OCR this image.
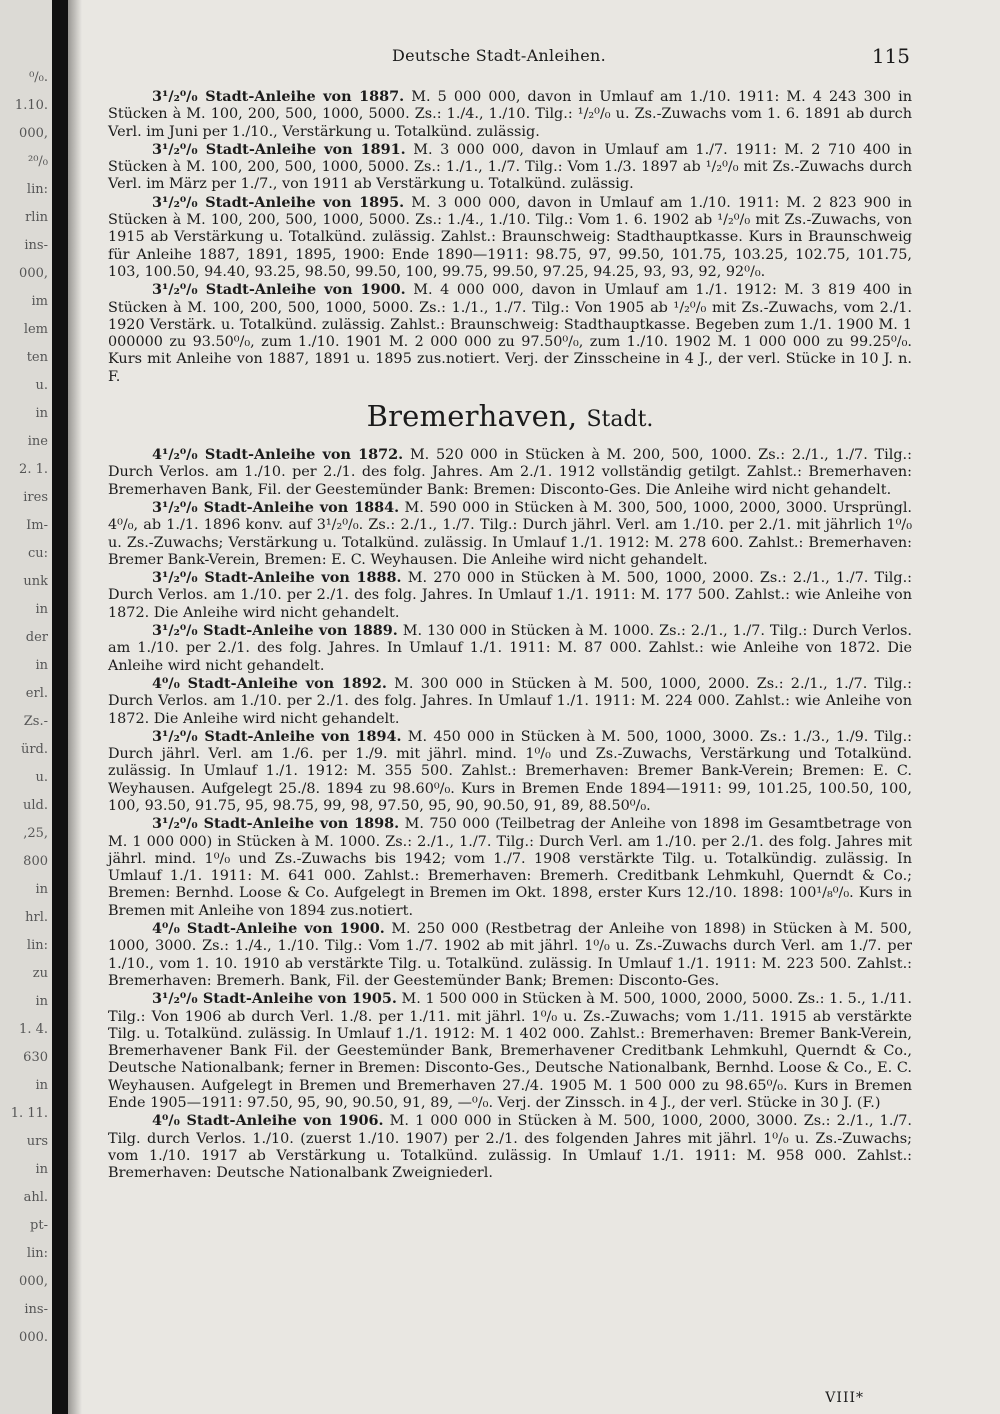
⁰/₀.
1.10.
000,
²⁰/₀
lin:
rlin
ins-
000,
im
lem
ten
u.
in
ine
2. 1.
ires
Im-
cu:
unk
in
der
in
erl.
Zs.-
ürd.
u.
uld.
,25,
800
in
hrl.
lin:
zu
in
1. 4.
630
in
1. 11.
urs
in
ahl.
pt-
lin:
000,
ins-
000.
Deutsche Stadt-Anleihen.	115

3¹/₂⁰/₀ Stadt-Anleihe von 1887. M. 5 000 000, davon in Umlauf am 1./10. 1911: M. 4 243 300 in Stücken à M. 100, 200, 500, 1000, 5000. Zs.: 1./4., 1./10. Tilg.: ¹/₂⁰/₀ u. Zs.-Zuwachs vom 1. 6. 1891 ab durch Verl. im Juni per 1./10., Verstärkung u. Totalkünd. zulässig.

3¹/₂⁰/₀ Stadt-Anleihe von 1891. M. 3 000 000, davon in Umlauf am 1./7. 1911: M. 2 710 400 in Stücken à M. 100, 200, 500, 1000, 5000. Zs.: 1./1., 1./7. Tilg.: Vom 1./3. 1897 ab ¹/₂⁰/₀ mit Zs.-Zuwachs durch Verl. im März per 1./7., von 1911 ab Verstärkung u. Totalkünd. zulässig.

3¹/₂⁰/₀ Stadt-Anleihe von 1895. M. 3 000 000, davon in Umlauf am 1./10. 1911: M. 2 823 900 in Stücken à M. 100, 200, 500, 1000, 5000. Zs.: 1./4., 1./10. Tilg.: Vom 1. 6. 1902 ab ¹/₂⁰/₀ mit Zs.-Zuwachs, von 1915 ab Verstärkung u. Totalkünd. zulässig. Zahlst.: Braunschweig: Stadthauptkasse. Kurs in Braunschweig für Anleihe 1887, 1891, 1895, 1900: Ende 1890—1911: 98.75, 97, 99.50, 101.75, 103.25, 102.75, 101.75, 103, 100.50, 94.40, 93.25, 98.50, 99.50, 100, 99.75, 99.50, 97.25, 94.25, 93, 93, 92, 92⁰/₀.

3¹/₂⁰/₀ Stadt-Anleihe von 1900. M. 4 000 000, davon in Umlauf am 1./1. 1912: M. 3 819 400 in Stücken à M. 100, 200, 500, 1000, 5000. Zs.: 1./1., 1./7. Tilg.: Von 1905 ab ¹/₂⁰/₀ mit Zs.-Zuwachs, vom 2./1. 1920 Verstärk. u. Totalkünd. zulässig. Zahlst.: Braunschweig: Stadthauptkasse. Begeben zum 1./1. 1900 M. 1 000000 zu 93.50⁰/₀, zum 1./10. 1901 M. 2 000 000 zu 97.50⁰/₀, zum 1./10. 1902 M. 1 000 000 zu 99.25⁰/₀. Kurs mit Anleihe von 1887, 1891 u. 1895 zus.notiert. Verj. der Zinsscheine in 4 J., der verl. Stücke in 10 J. n. F.

Bremerhaven, Stadt.

4¹/₂⁰/₀ Stadt-Anleihe von 1872. M. 520 000 in Stücken à M. 200, 500, 1000. Zs.: 2./1., 1./7. Tilg.: Durch Verlos. am 1./10. per 2./1. des folg. Jahres. Am 2./1. 1912 vollständig getilgt. Zahlst.: Bremerhaven: Bremerhaven Bank, Fil. der Geestemünder Bank: Bremen: Disconto-Ges. Die Anleihe wird nicht gehandelt.

3¹/₂⁰/₀ Stadt-Anleihe von 1884. M. 590 000 in Stücken à M. 300, 500, 1000, 2000, 3000. Ursprüngl. 4⁰/₀, ab 1./1. 1896 konv. auf 3¹/₂⁰/₀. Zs.: 2./1., 1./7. Tilg.: Durch jährl. Verl. am 1./10. per 2./1. mit jährlich 1⁰/₀ u. Zs.-Zuwachs; Verstärkung u. Totalkünd. zulässig. In Umlauf 1./1. 1912: M. 278 600. Zahlst.: Bremerhaven: Bremer Bank-Verein, Bremen: E. C. Weyhausen. Die Anleihe wird nicht gehandelt.

3¹/₂⁰/₀ Stadt-Anleihe von 1888. M. 270 000 in Stücken à M. 500, 1000, 2000. Zs.: 2./1., 1./7. Tilg.: Durch Verlos. am 1./10. per 2./1. des folg. Jahres. In Umlauf 1./1. 1911: M. 177 500. Zahlst.: wie Anleihe von 1872. Die Anleihe wird nicht gehandelt.

3¹/₂⁰/₀ Stadt-Anleihe von 1889. M. 130 000 in Stücken à M. 1000. Zs.: 2./1., 1./7. Tilg.: Durch Verlos. am 1./10. per 2./1. des folg. Jahres. In Umlauf 1./1. 1911: M. 87 000. Zahlst.: wie Anleihe von 1872. Die Anleihe wird nicht gehandelt.

4⁰/₀ Stadt-Anleihe von 1892. M. 300 000 in Stücken à M. 500, 1000, 2000. Zs.: 2./1., 1./7. Tilg.: Durch Verlos. am 1./10. per 2./1. des folg. Jahres. In Umlauf 1./1. 1911: M. 224 000. Zahlst.: wie Anleihe von 1872. Die Anleihe wird nicht gehandelt.

3¹/₂⁰/₀ Stadt-Anleihe von 1894. M. 450 000 in Stücken à M. 500, 1000, 3000. Zs.: 1./3., 1./9. Tilg.: Durch jährl. Verl. am 1./6. per 1./9. mit jährl. mind. 1⁰/₀ und Zs.-Zuwachs, Verstärkung und Totalkünd. zulässig. In Umlauf 1./1. 1912: M. 355 500. Zahlst.: Bremerhaven: Bremer Bank-Verein; Bremen: E. C. Weyhausen. Aufgelegt 25./8. 1894 zu 98.60⁰/₀. Kurs in Bremen Ende 1894—1911: 99, 101.25, 100.50, 100, 100, 93.50, 91.75, 95, 98.75, 99, 98, 97.50, 95, 90, 90.50, 91, 89, 88.50⁰/₀.

3¹/₂⁰/₀ Stadt-Anleihe von 1898. M. 750 000 (Teilbetrag der Anleihe von 1898 im Gesamtbetrage von M. 1 000 000) in Stücken à M. 1000. Zs.: 2./1., 1./7. Tilg.: Durch Verl. am 1./10. per 2./1. des folg. Jahres mit jährl. mind. 1⁰/₀ und Zs.-Zuwachs bis 1942; vom 1./7. 1908 verstärkte Tilg. u. Totalkündig. zulässig. In Umlauf 1./1. 1911: M. 641 000. Zahlst.: Bremerhaven: Bremerh. Creditbank Lehmkuhl, Querndt & Co.; Bremen: Bernhd. Loose & Co. Aufgelegt in Bremen im Okt. 1898, erster Kurs 12./10. 1898: 100¹/₈⁰/₀. Kurs in Bremen mit Anleihe von 1894 zus.notiert.

4⁰/₀ Stadt-Anleihe von 1900. M. 250 000 (Restbetrag der Anleihe von 1898) in Stücken à M. 500, 1000, 3000. Zs.: 1./4., 1./10. Tilg.: Vom 1./7. 1902 ab mit jährl. 1⁰/₀ u. Zs.-Zuwachs durch Verl. am 1./7. per 1./10., vom 1. 10. 1910 ab verstärkte Tilg. u. Totalkünd. zulässig. In Umlauf 1./1. 1911: M. 223 500. Zahlst.: Bremerhaven: Bremerh. Bank, Fil. der Geestemünder Bank; Bremen: Disconto-Ges.

3¹/₂⁰/₀ Stadt-Anleihe von 1905. M. 1 500 000 in Stücken à M. 500, 1000, 2000, 5000. Zs.: 1. 5., 1./11. Tilg.: Von 1906 ab durch Verl. 1./8. per 1./11. mit jährl. 1⁰/₀ u. Zs.-Zuwachs; vom 1./11. 1915 ab verstärkte Tilg. u. Totalkünd. zulässig. In Umlauf 1./1. 1912: M. 1 402 000. Zahlst.: Bremerhaven: Bremer Bank-Verein, Bremerhavener Bank Fil. der Geestemünder Bank, Bremerhavener Creditbank Lehmkuhl, Querndt & Co., Deutsche Nationalbank; ferner in Bremen: Disconto-Ges., Deutsche Nationalbank, Bernhd. Loose & Co., E. C. Weyhausen. Aufgelegt in Bremen und Bremerhaven 27./4. 1905 M. 1 500 000 zu 98.65⁰/₀. Kurs in Bremen Ende 1905—1911: 97.50, 95, 90, 90.50, 91, 89, —⁰/₀. Verj. der Zinssch. in 4 J., der verl. Stücke in 30 J. (F.)

4⁰/₀ Stadt-Anleihe von 1906. M. 1 000 000 in Stücken à M. 500, 1000, 2000, 3000. Zs.: 2./1., 1./7. Tilg. durch Verlos. 1./10. (zuerst 1./10. 1907) per 2./1. des folgenden Jahres mit jährl. 1⁰/₀ u. Zs.-Zuwachs; vom 1./10. 1917 ab Verstärkung u. Totalkünd. zulässig. In Umlauf 1./1. 1911: M. 958 000. Zahlst.: Bremerhaven: Deutsche Nationalbank Zweigniederl.

VIII*
